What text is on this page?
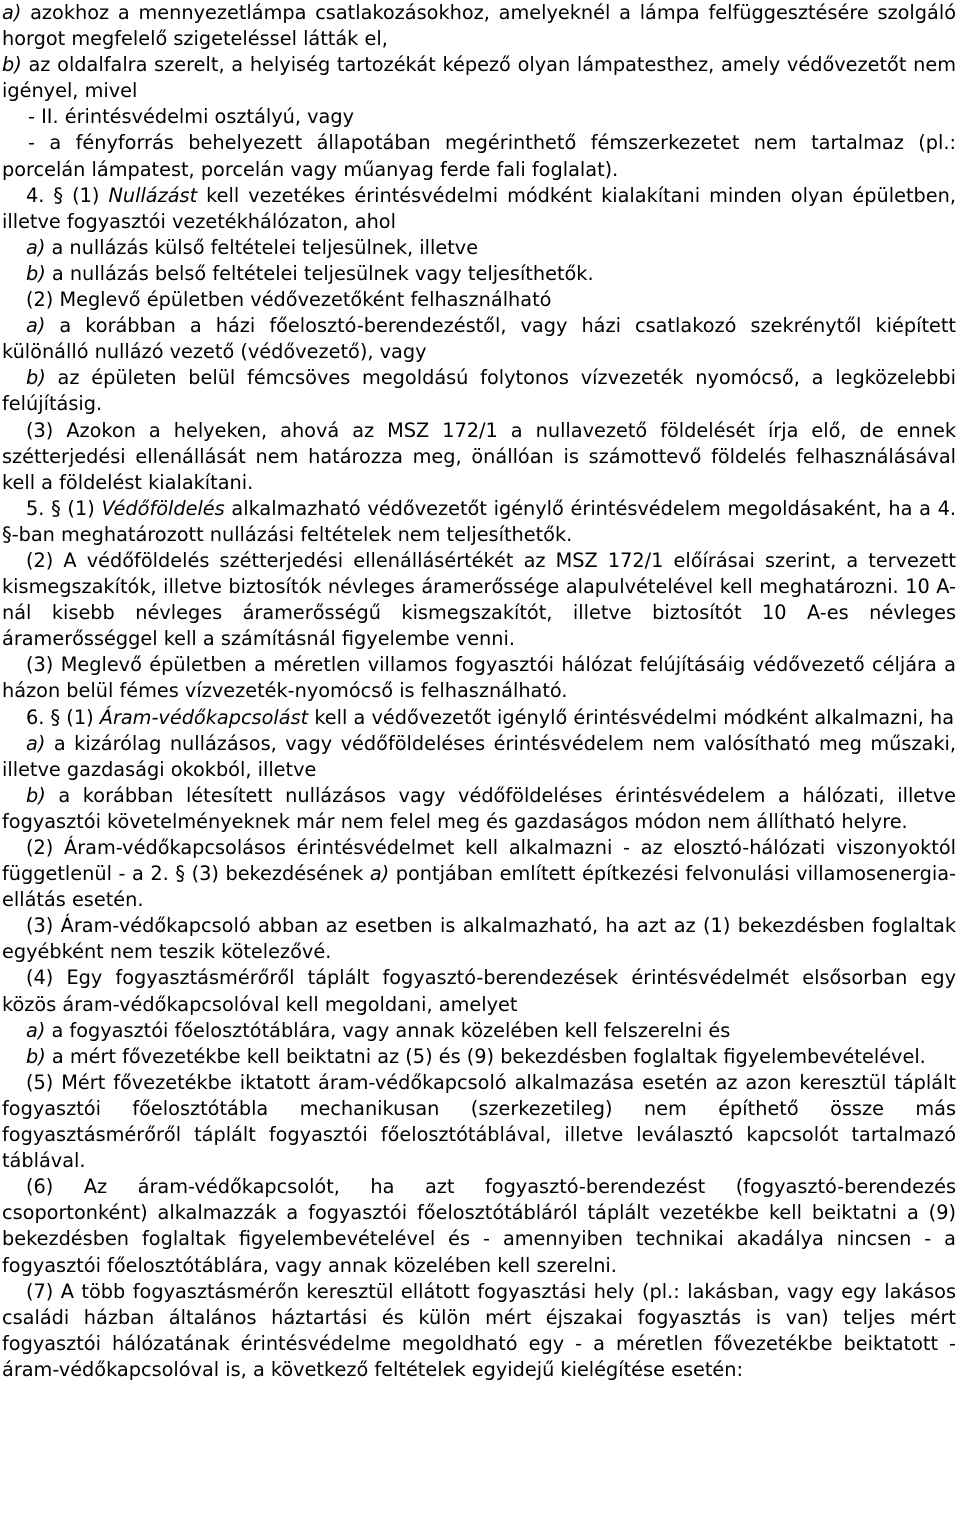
a) azokhoz a mennyezetlámpa csatlakozásokhoz, amelyeknél a lámpa felfüggesztésére szolgáló horgot megfelelő szigeteléssel látták el,

b) az oldalfalra szerelt, a helyiség tartozékát képező olyan lámpatesthez, amely védővezetőt nem igényel, mivel

- II. érintésvédelmi osztályú, vagy

- a fényforrás behelyezett állapotában megérinthető fémszerkezetet nem tartalmaz (pl.: porcelán lámpatest, porcelán vagy műanyag ferde fali foglalat).

4. § (1) Nullázást kell vezetékes érintésvédelmi módként kialakítani minden olyan épületben, illetve fogyasztói vezetékhálózaton, ahol

a) a nullázás külső feltételei teljesülnek, illetve

b) a nullázás belső feltételei teljesülnek vagy teljesíthetők.

(2) Meglevő épületben védővezetőként felhasználható

a) a korábban a házi főelosztó-berendezéstől, vagy házi csatlakozó szekrénytől kiépített különálló nullázó vezető (védővezető), vagy

b) az épületen belül fémcsöves megoldású folytonos vízvezeték nyomócső, a legközelebbi felújításig.

(3) Azokon a helyeken, ahová az MSZ 172/1 a nullavezető földelését írja elő, de ennek szétterjedési ellenállását nem határozza meg, önállóan is számottevő földelés felhasználásával kell a földelést kialakítani.

5. § (1) Védőföldelés alkalmazható védővezetőt igénylő érintésvédelem megoldásaként, ha a 4. §-ban meghatározott nullázási feltételek nem teljesíthetők.

(2) A védőföldelés szétterjedési ellenállásértékét az MSZ 172/1 előírásai szerint, a tervezett kismegszakítók, illetve biztosítók névleges áramerőssége alapulvételével kell meghatározni. 10 A-nál kisebb névleges áramerősségű kismegszakítót, illetve biztosítót 10 A-es névleges áramerősséggel kell a számításnál figyelembe venni.

(3) Meglevő épületben a méretlen villamos fogyasztói hálózat felújításáig védővezető céljára a házon belül fémes vízvezeték-nyomócső is felhasználható.

6. § (1) Áram-védőkapcsolást kell a védővezetőt igénylő érintésvédelmi módként alkalmazni, ha

a) a kizárólag nullázásos, vagy védőföldeléses érintésvédelem nem valósítható meg műszaki, illetve gazdasági okokból, illetve

b) a korábban létesített nullázásos vagy védőföldeléses érintésvédelem a hálózati, illetve fogyasztói követelményeknek már nem felel meg és gazdaságos módon nem állítható helyre.

(2) Áram-védőkapcsolásos érintésvédelmet kell alkalmazni - az elosztó-hálózati viszonyoktól függetlenül - a 2. § (3) bekezdésének a) pontjában említett építkezési felvonulási villamosenergia-ellátás esetén.

(3) Áram-védőkapcsoló abban az esetben is alkalmazható, ha azt az (1) bekezdésben foglaltak egyébként nem teszik kötelezővé.

(4) Egy fogyasztásmérőről táplált fogyasztó-berendezések érintésvédelmét elsősorban egy közös áram-védőkapcsolóval kell megoldani, amelyet

a) a fogyasztói főelosztótáblára, vagy annak közelében kell felszerelni és

b) a mért fővezetékbe kell beiktatni az (5) és (9) bekezdésben foglaltak figyelembevételével.

(5) Mért fővezetékbe iktatott áram-védőkapcsoló alkalmazása esetén az azon keresztül táplált fogyasztói főelosztótábla mechanikusan (szerkezetileg) nem építhető össze más fogyasztásmérőről táplált fogyasztói főelosztótáblával, illetve leválasztó kapcsolót tartalmazó táblával.

(6) Az áram-védőkapcsolót, ha azt fogyasztó-berendezést (fogyasztó-berendezés csoportonként) alkalmazzák a fogyasztói főelosztótábláról táplált vezetékbe kell beiktatni a (9) bekezdésben foglaltak figyelembevételével és - amennyiben technikai akadálya nincsen - a fogyasztói főelosztótáblára, vagy annak közelében kell szerelni.

(7) A több fogyasztásmérőn keresztül ellátott fogyasztási hely (pl.: lakásban, vagy egy lakásos családi házban általános háztartási és külön mért éjszakai fogyasztás is van) teljes mért fogyasztói hálózatának érintésvédelme megoldható egy - a méretlen fővezetékbe beiktatott - áram-védőkapcsolóval is, a következő feltételek egyidejű kielégítése esetén:
